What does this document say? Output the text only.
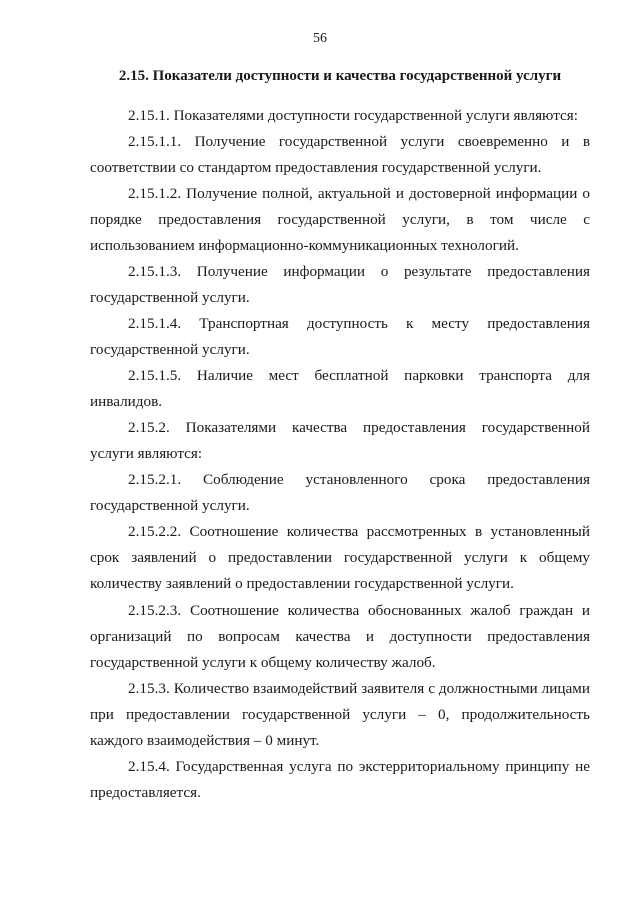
56
2.15. Показатели доступности и качества государственной услуги
2.15.1. Показателями доступности государственной услуги являются:
2.15.1.1. Получение государственной услуги своевременно и в
соответствии со стандартом предоставления государственной услуги.
2.15.1.2. Получение полной, актуальной и достоверной информации о
порядке предоставления государственной услуги, в том числе с
использованием информационно-коммуникационных технологий.
2.15.1.3. Получение информации о результате предоставления
государственной услуги.
2.15.1.4. Транспортная доступность к месту предоставления
государственной услуги.
2.15.1.5. Наличие мест бесплатной парковки транспорта для
инвалидов.
2.15.2. Показателями качества предоставления государственной
услуги являются:
2.15.2.1. Соблюдение установленного срока предоставления
государственной услуги.
2.15.2.2. Соотношение количества рассмотренных в установленный
срок заявлений о предоставлении государственной услуги к общему
количеству заявлений о предоставлении государственной услуги.
2.15.2.3. Соотношение количества обоснованных жалоб граждан и
организаций по вопросам качества и доступности предоставления
государственной услуги к общему количеству жалоб.
2.15.3. Количество взаимодействий заявителя с должностными лицами
при предоставлении государственной услуги – 0, продолжительность
каждого взаимодействия – 0 минут.
2.15.4. Государственная услуга по экстерриториальному принципу не
предоставляется.
